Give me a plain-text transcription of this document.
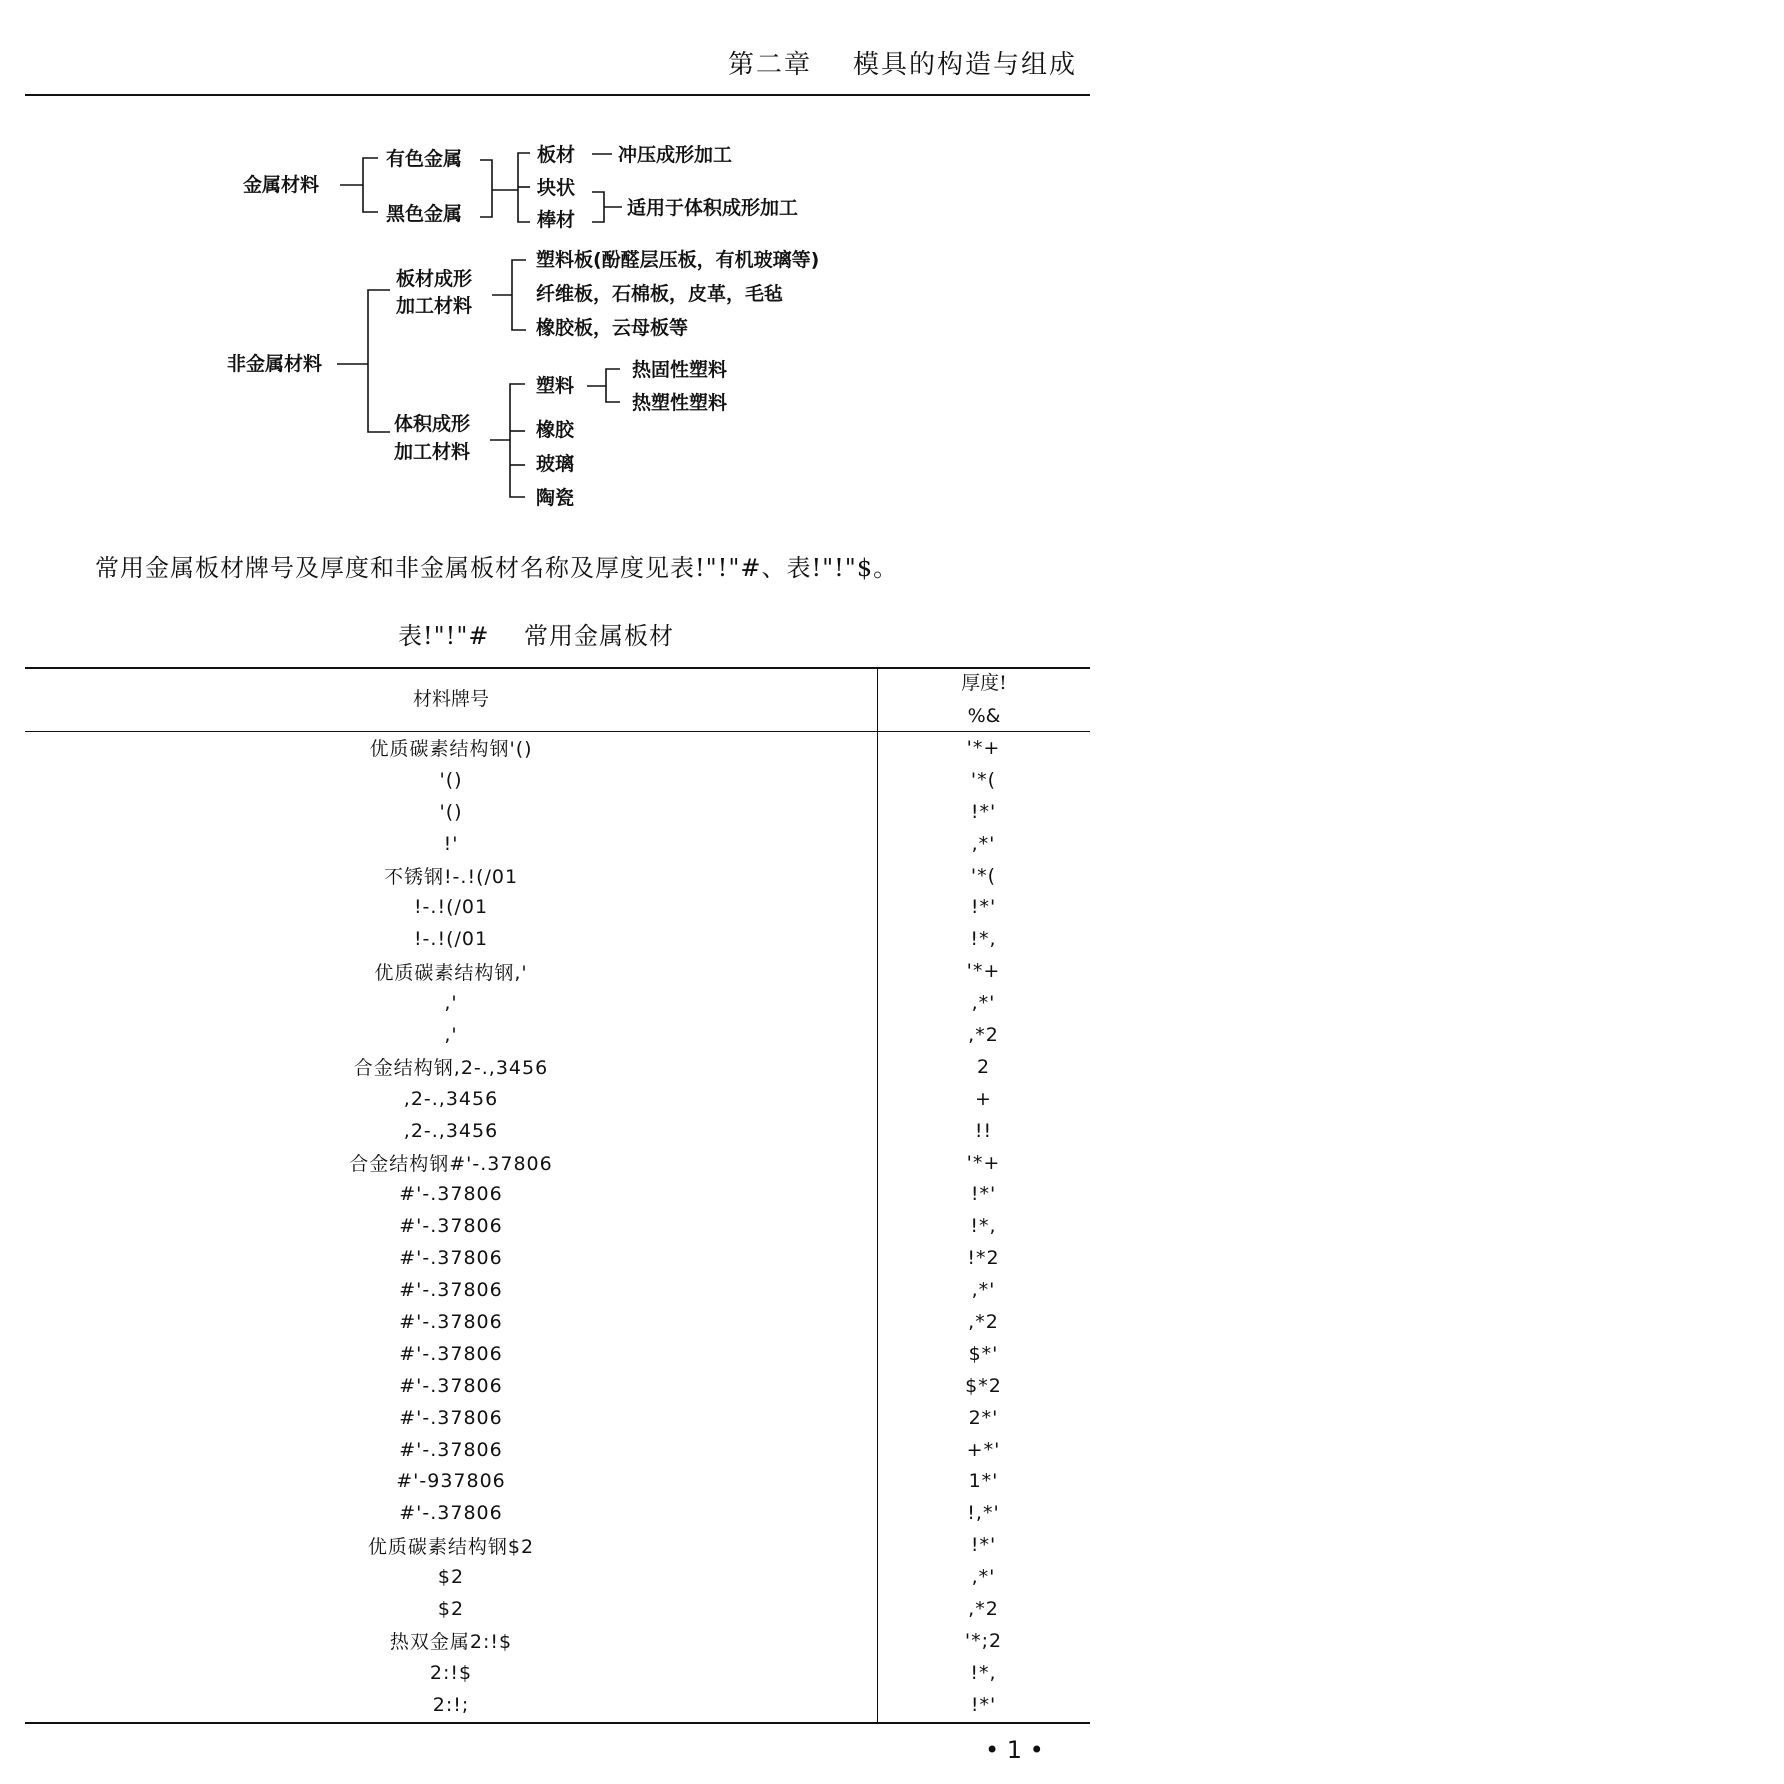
第二章    模具的构造与组成
金属材料
有色金属
黑色金属
板材
块状
棒材
冲压成形加工
适用于体积成形加工
非金属材料
板材成形
加工材料
塑料板(酚醛层压板，有机玻璃等)
纤维板，石棉板，皮革，毛毡
橡胶板，云母板等
体积成形
加工材料
塑料
橡胶
玻璃
陶瓷
热固性塑料
热塑性塑料
常用金属板材牌号及厚度和非金属板材名称及厚度见表!"!"#、表!"!"$。
表!"!"#    常用金属板材
材料牌号
厚度!
%&
优质碳素结构钢'()	'*+
'()	'*(
'()	!*'
!'	,*'
不锈钢!-.!(/01	'*(
!-.!(/01	!*'
!-.!(/01	!*,
优质碳素结构钢,'	'*+
,'	,*'
,'	,*2
合金结构钢,2-.,3456	2
,2-.,3456	+
,2-.,3456	!!
合金结构钢#'-.37806	'*+
#'-.37806	!*'
#'-.37806	!*,
#'-.37806	!*2
#'-.37806	,*'
#'-.37806	,*2
#'-.37806	$*'
#'-.37806	$*2
#'-.37806	2*'
#'-.37806	+*'
#'-937806	1*'
#'-.37806	!,*'
优质碳素结构钢$2	!*'
$2	,*'
$2	,*2
热双金属2:!$	'*;2
2:!$	!*,
2:!;	!*'
• 1 •
